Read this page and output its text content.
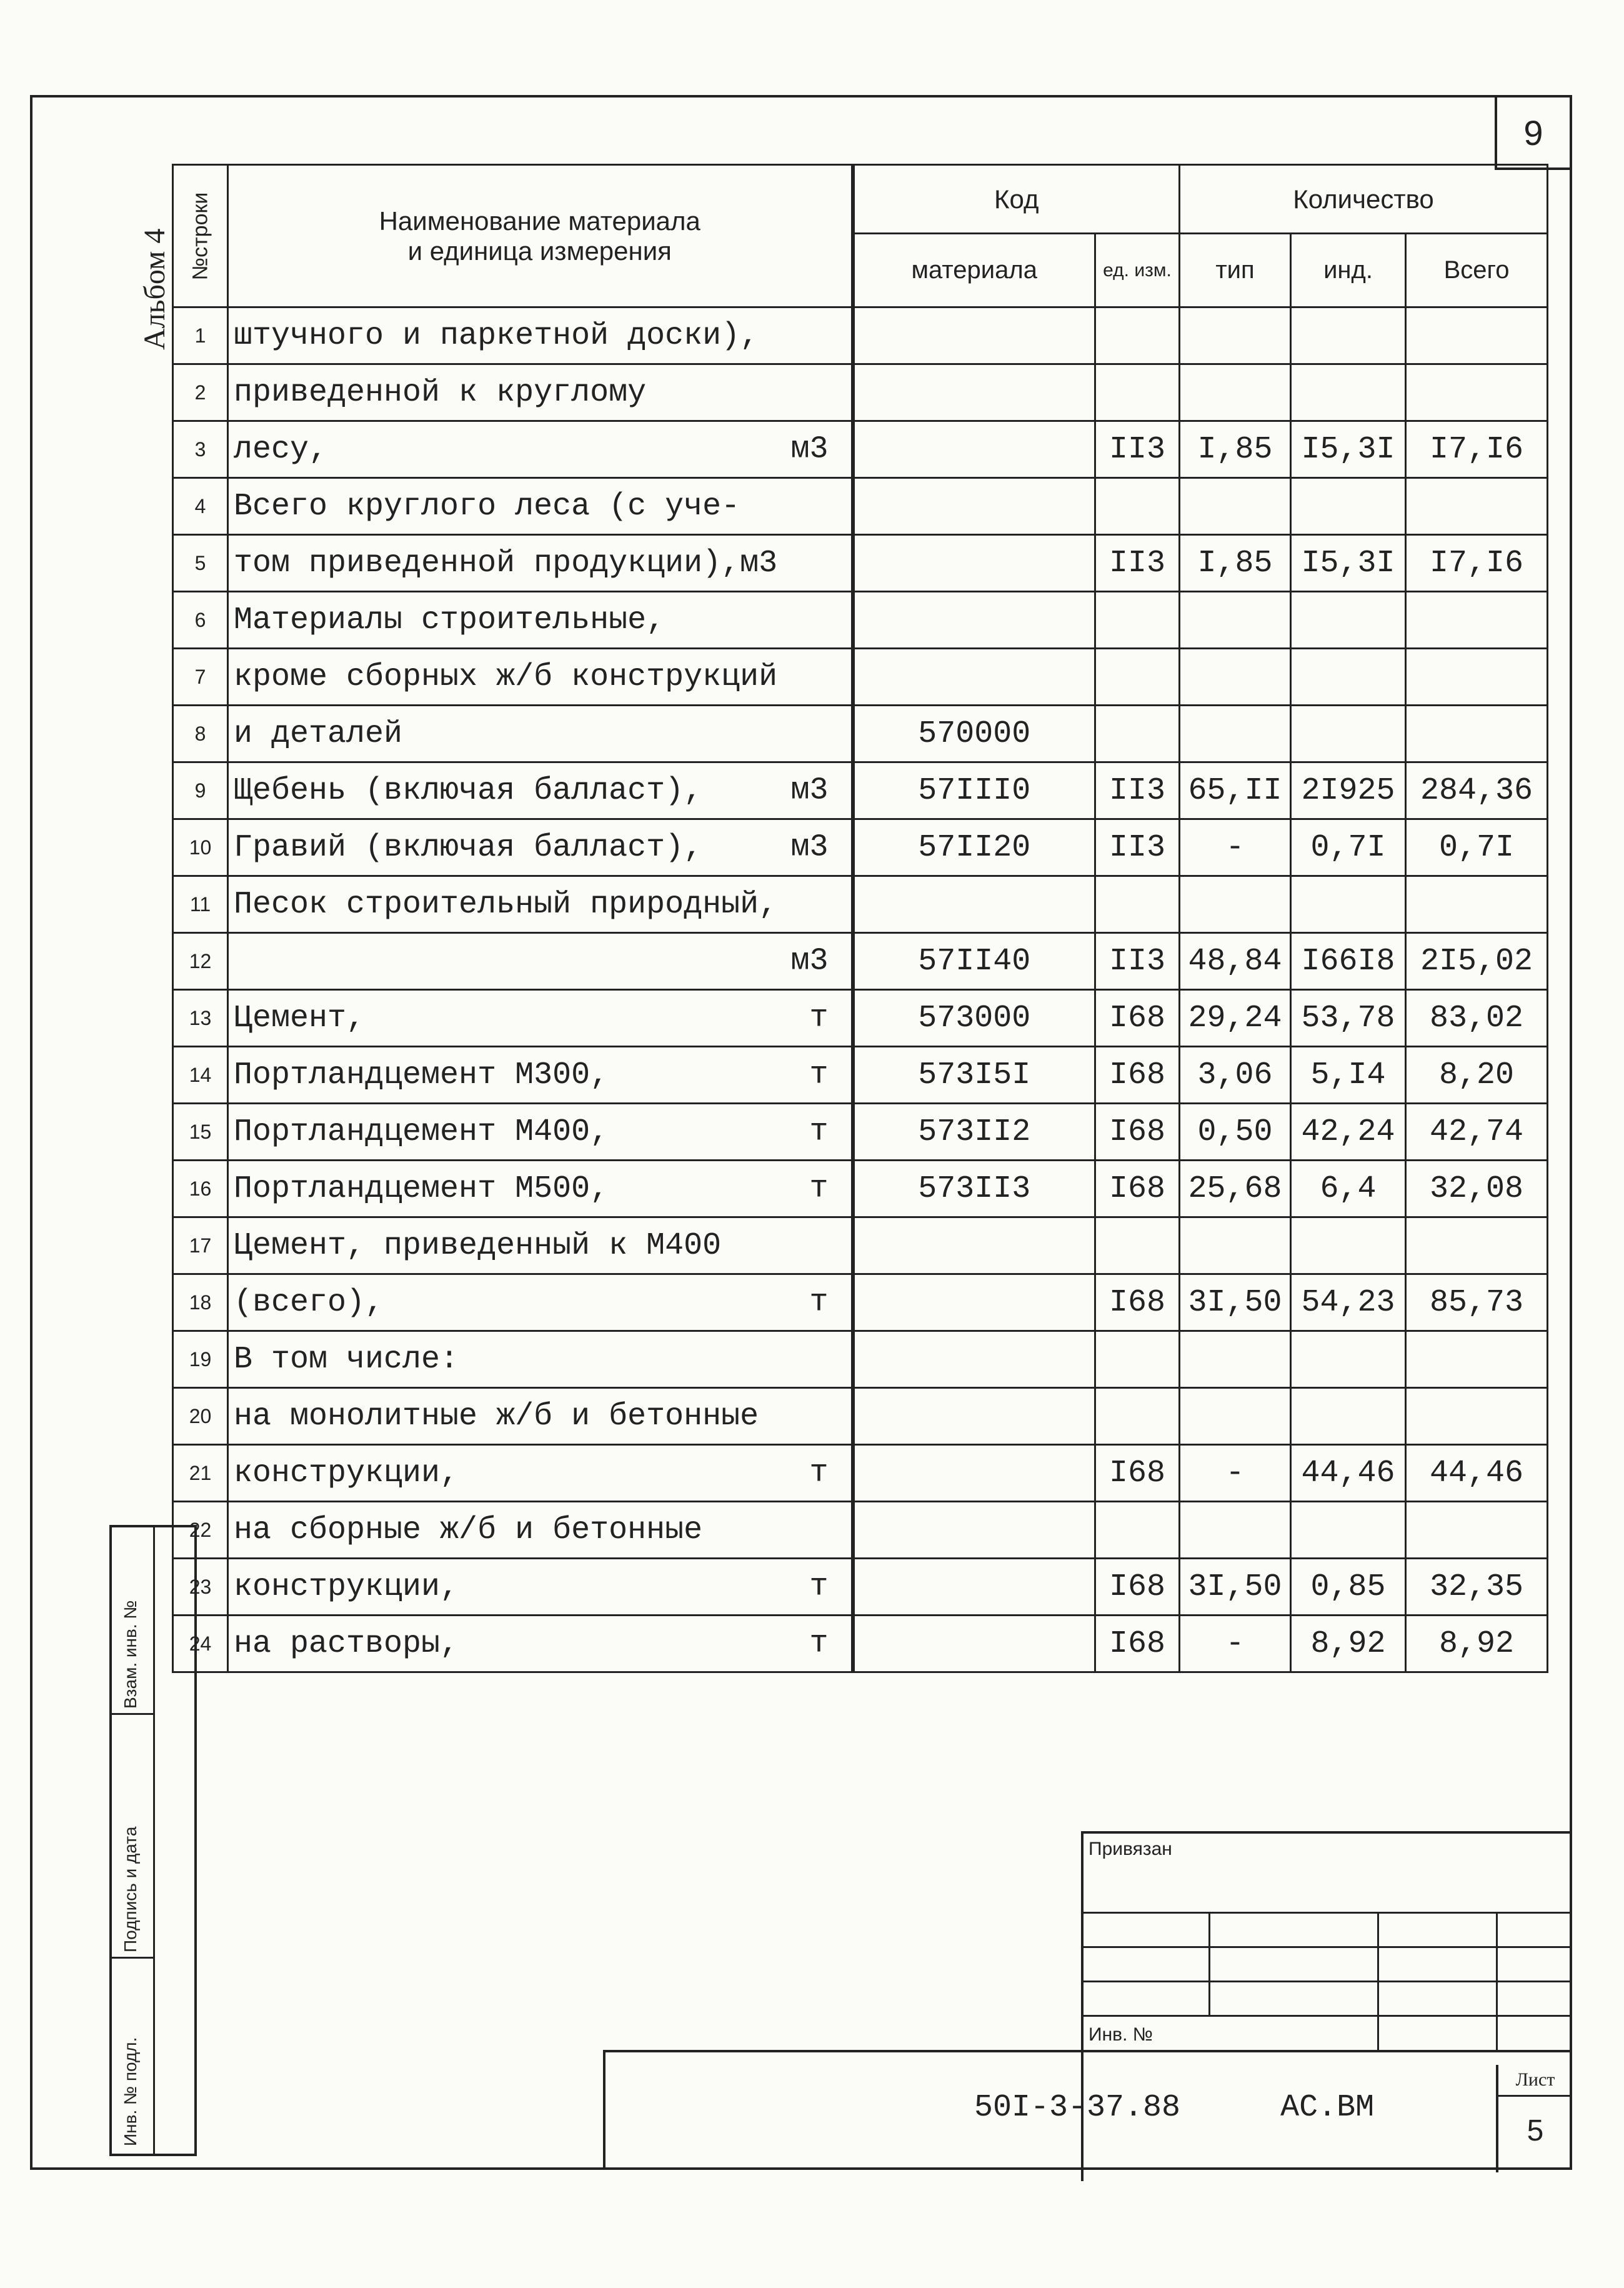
9
Альбом 4
Взам. инв. №
Подпись и дата
Инв. № подл.
№строки	Наименование материала
и единица измерения	Код		Количество		
		материала	ед. изм.	тип	инд.	Всего
1	штучного и паркетной доски),

2	приведенной к круглому

3	лесу, м3		II3	I,85	I5,3I	I7,I6
4	Всего круглого леса (с уче-

5	том приведенной продукции),м3		II3	I,85	I5,3I	I7,I6
6	Материалы строительные,

7	кроме сборных ж/б конструкций

8	и деталей	570000				
9	Щебень (включая балласт), м3	57III0	II3	65,II	2I925	284,36
10	Гравий (включая балласт), м3	57II20	II3	-	0,7I	0,7I
11	Песок строительный природный,

12	м3	57II40	II3	48,84	I66I8	2I5,02
13	Цемент, т	573000	I68	29,24	53,78	83,02
14	Портландцемент М300, т	573I5I	I68	3,06	5,I4	8,20
15	Портландцемент М400, т	573II2	I68	0,50	42,24	42,74
16	Портландцемент М500, т	573II3	I68	25,68	6,4	32,08
17	Цемент, приведенный к М400

18	(всего), т		I68	3I,50	54,23	85,73
19	В том числе:

20	на монолитные ж/б и бетонные

21	конструкции, т		I68	-	44,46	44,46
22	на сборные ж/б и бетонные

23	конструкции, т		I68	3I,50	0,85	32,35
24	на растворы, т		I68	-	8,92	8,92
Привязан
Инв. №
50I-3-37.88	АС.ВМ
Лист
5
